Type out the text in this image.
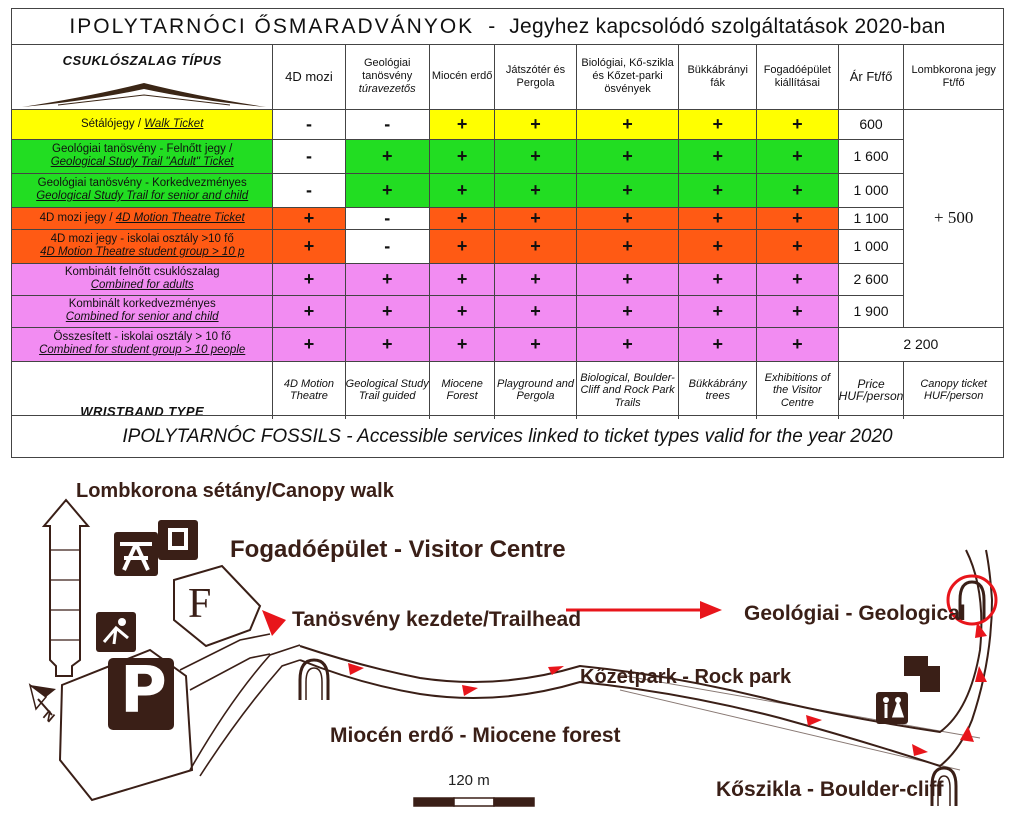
IPOLYTARNÓCI ŐSMARADVÁNYOK - Jegyhez kapcsolódó szolgáltatások 2020-ban
CSUKLÓSZALAG TÍPUS	4D mozi	Geológiai tanösvény
túravezetős	Miocén erdő	Játszótér és Pergola	Biológiai, Kő-szikla és Kőzet-parki ösvények	Bükkábrányi fák	Fogadóépület kiállításai	Ár Ft/fő	Lombkorona jegy Ft/fő
Sétálójegy / Walk Ticket	-	-	+	+	+	+	+	600	+ 500

Geológiai tanösvény - Felnőtt jegy /
Geological Study Trail "Adult" Ticket	-	+	+	+	+	+	+	1 600	

Geológiai tanösvény - Korkedvezményes
Geological Study Trail for senior and child	-	+	+	+	+	+	+	1 000	
4D mozi jegy / 4D Motion Theatre Ticket	+	-	+	+	+	+	+	1 100	

4D mozi jegy - iskolai osztály >10 fő
4D Motion Theatre student group > 10 p	+	-	+	+	+	+	+	1 000	

Kombinált felnőtt csuklószalag
Combined for adults	+	+	+	+	+	+	+	2 600	

Kombinált korkedvezményes
Combined for senior and child	+	+	+	+	+	+	+	1 900	

Összesített - iskolai osztály > 10 fő
Combined for student group > 10 people	+	+	+	+	+	+	+	2 200	

WRISTBAND TYPE	4D Motion Theatre	Geological Study Trail guided	Miocene Forest	Playground and Pergola	Biological, Boulder-Cliff and Rock Park Trails	Bükkábrány trees	Exhibitions of the Visitor Centre	Price HUF/person	Canopy ticket HUF/person
IPOLYTARNÓC FOSSILS - Accessible services linked to ticket types valid for the year 2020
Lombkorona sétány/Canopy walk
Fogadóépület - Visitor Centre
Tanösvény kezdete/Trailhead	Geológiai - Geological
Kőzetpark - Rock park
Miocén erdő - Miocene forest
Kőszikla - Boulder-cliff
F
P
N
120 m
